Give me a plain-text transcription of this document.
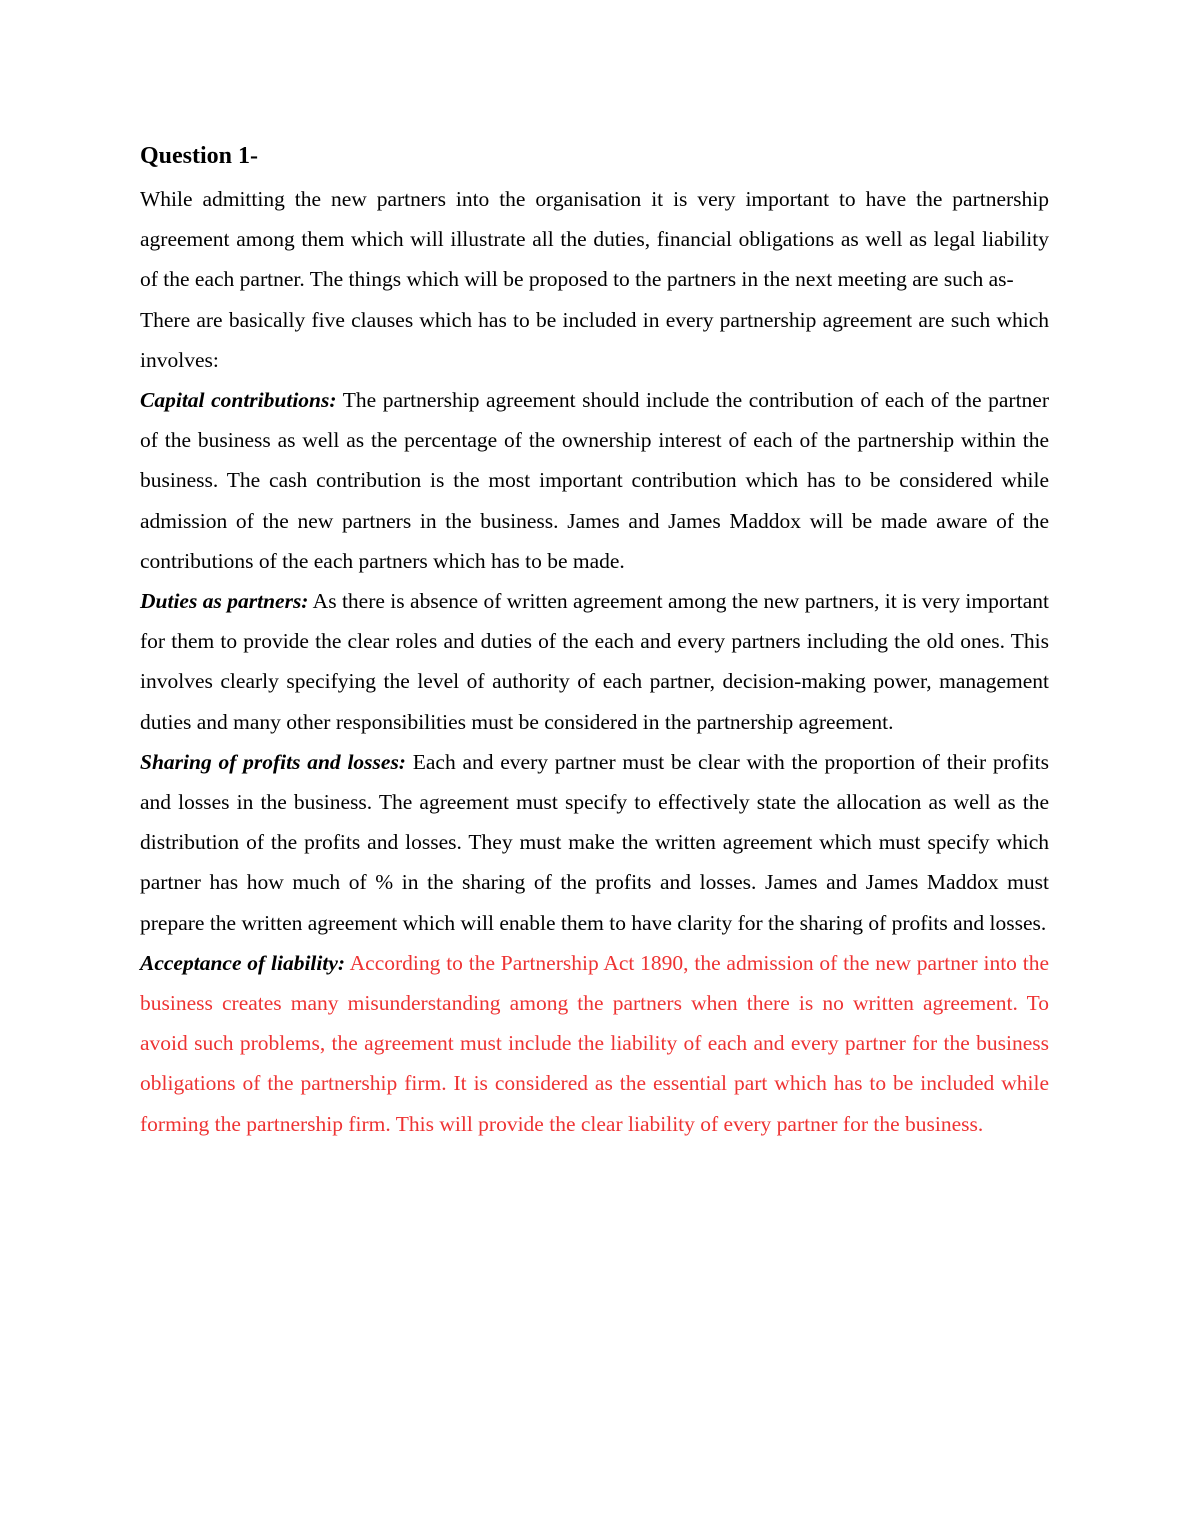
Question 1-

While admitting the new partners into the organisation it is very important to have the partnership agreement among them which will illustrate all the duties, financial obligations as well as legal liability of the each partner. The things which will be proposed to the partners in the next meeting are such as-

There are basically five clauses which has to be included in every partnership agreement are such which involves:

Capital contributions: The partnership agreement should include the contribution of each of the partner of the business as well as the percentage of the ownership interest of each of the partnership within the business. The cash contribution is the most important contribution which has to be considered while admission of the new partners in the business. James and James Maddox will be made aware of the contributions of the each partners which has to be made.

Duties as partners: As there is absence of written agreement among the new partners, it is very important for them to provide the clear roles and duties of the each and every partners including the old ones. This involves clearly specifying the level of authority of each partner, decision-making power, management duties and many other responsibilities must be considered in the partnership agreement.

Sharing of profits and losses: Each and every partner must be clear with the proportion of their profits and losses in the business. The agreement must specify to effectively state the allocation as well as the distribution of the profits and losses. They must make the written agreement which must specify which partner has how much of % in the sharing of the profits and losses. James and James Maddox must prepare the written agreement which will enable them to have clarity for the sharing of profits and losses.

Acceptance of liability: According to the Partnership Act 1890, the admission of the new partner into the business creates many misunderstanding among the partners when there is no written agreement. To avoid such problems, the agreement must include the liability of each and every partner for the business obligations of the partnership firm. It is considered as the essential part which has to be included while forming the partnership firm. This will provide the clear liability of every partner for the business.
